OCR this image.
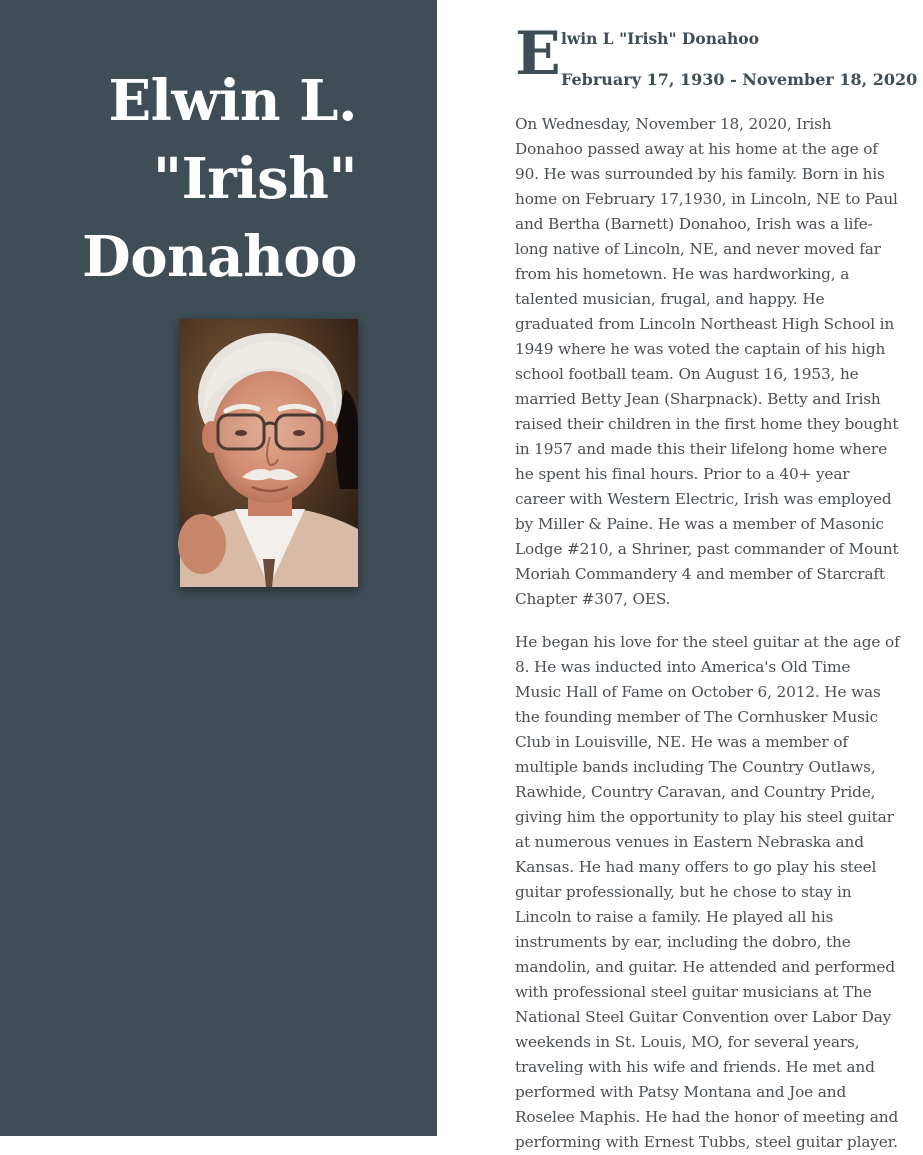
Elwin L.
"Irish"
Donahoo
E lwin L "Irish" Donahoo
February 17, 1930 - November 18, 2020

On Wednesday, November 18, 2020, Irish Donahoo passed away at his home at the age of 90. He was surrounded by his family. Born in his home on February 17,1930, in Lincoln, NE to Paul and Bertha (Barnett) Donahoo, Irish was a life-long native of Lincoln, NE, and never moved far from his hometown. He was hardworking, a talented musician, frugal, and happy. He graduated from Lincoln Northeast High School in 1949 where he was voted the captain of his high school football team. On August 16, 1953, he married Betty Jean (Sharpnack). Betty and Irish raised their children in the first home they bought in 1957 and made this their lifelong home where he spent his final hours. Prior to a 40+ year career with Western Electric, Irish was employed by Miller & Paine. He was a member of Masonic Lodge #210, a Shriner, past commander of Mount Moriah Commandery 4 and member of Starcraft Chapter #307, OES.

He began his love for the steel guitar at the age of 8. He was inducted into America's Old Time Music Hall of Fame on October 6, 2012. He was the founding member of The Cornhusker Music Club in Louisville, NE. He was a member of multiple bands including The Country Outlaws, Rawhide, Country Caravan, and Country Pride, giving him the opportunity to play his steel guitar at numerous venues in Eastern Nebraska and Kansas. He had many offers to go play his steel guitar professionally, but he chose to stay in Lincoln to raise a family. He played all his instruments by ear, including the dobro, the mandolin, and guitar. He attended and performed with professional steel guitar musicians at The National Steel Guitar Convention over Labor Day weekends in St. Louis, MO, for several years, traveling with his wife and friends. He met and performed with Patsy Montana and Joe and Roselee Maphis. He had the honor of meeting and performing with Ernest Tubbs, steel guitar player.
